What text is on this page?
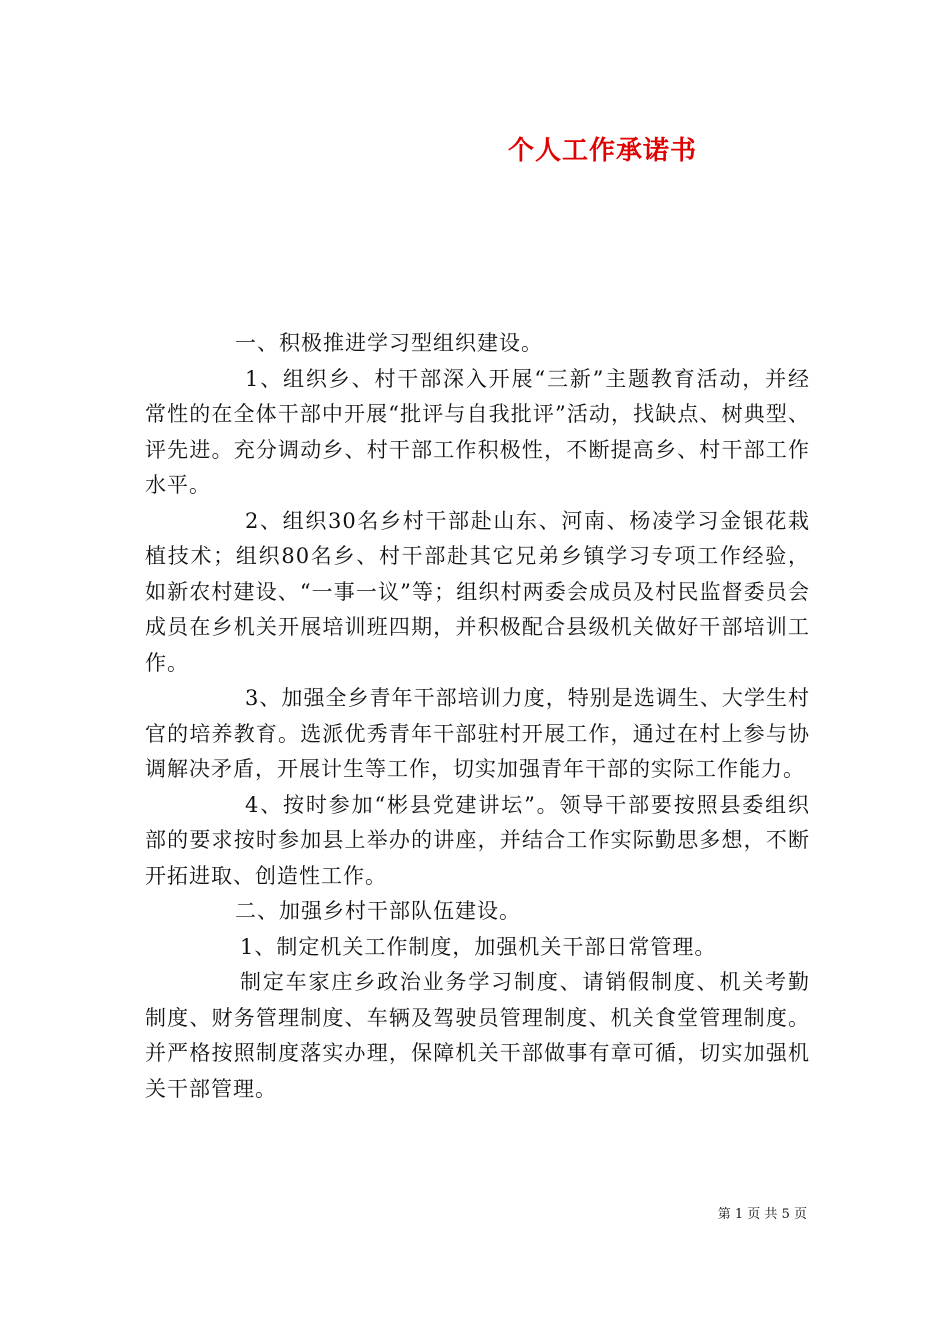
个人工作承诺书

一、积极推进学习型组织建设。

1、组织乡、村干部深入开展“三新”主题教育活动，并经常性的在全体干部中开展“批评与自我批评”活动，找缺点、树典型、评先进。充分调动乡、村干部工作积极性，不断提高乡、村干部工作水平。

2、组织30名乡村干部赴山东、河南、杨凌学习金银花栽植技术；组织80名乡、村干部赴其它兄弟乡镇学习专项工作经验，如新农村建设、“一事一议”等；组织村两委会成员及村民监督委员会成员在乡机关开展培训班四期，并积极配合县级机关做好干部培训工作。

3、加强全乡青年干部培训力度，特别是选调生、大学生村官的培养教育。选派优秀青年干部驻村开展工作，通过在村上参与协调解决矛盾，开展计生等工作，切实加强青年干部的实际工作能力。

4、按时参加“彬县党建讲坛”。领导干部要按照县委组织部的要求按时参加县上举办的讲座，并结合工作实际勤思多想，不断开拓进取、创造性工作。

二、加强乡村干部队伍建设。

1、制定机关工作制度，加强机关干部日常管理。

制定车家庄乡政治业务学习制度、请销假制度、机关考勤制度、财务管理制度、车辆及驾驶员管理制度、机关食堂管理制度。并严格按照制度落实办理，保障机关干部做事有章可循，切实加强机关干部管理。

第 1 页 共 5 页
